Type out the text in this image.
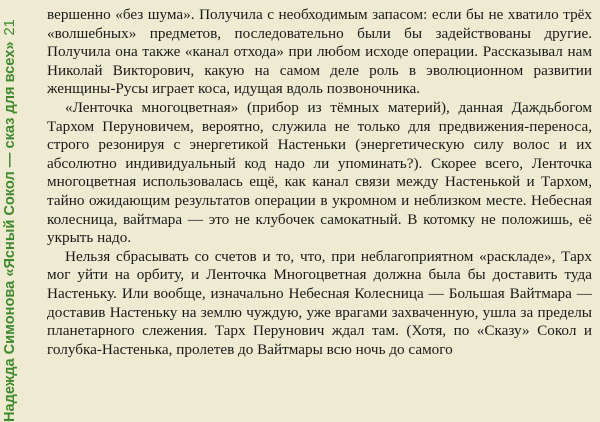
Надежда Симонова «Ясный Сокол — сказ для всех»21

вершенно «без шума». Получила с необходимым запасом: если бы не хватило трёх «волшебных» предметов, последовательно были бы задействованы другие. Получила она также «канал отхода» при любом исходе операции. Рассказывал нам Николай Викторович, какую на самом деле роль в эволюционном развитии женщины-Русы играет коса, идущая вдоль позвоночника.

«Ленточка многоцветная» (прибор из тёмных материй), данная Даждьбогом Тархом Перуновичем, вероятно, служила не только для предвижения-переноса, строго резонируя с энергетикой Настеньки (энергетическую силу волос и их абсолютно индивидуальный код надо ли упоминать?). Скорее всего, Ленточка многоцветная использовалась ещё, как канал связи между Настенькой и Тархом, тайно ожидающим результатов операции в укромном и неблизком месте. Небесная колесница, вайтмара — это не клубочек самокатный. В котомку не положишь, её укрыть надо.

Нельзя сбрасывать со счетов и то, что, при неблагоприятном «раскладе», Тарх мог уйти на орбиту, и Ленточка Многоцветная должна была бы доставить туда Настеньку. Или вообще, изначально Небесная Колесница — Большая Вайтмара — доставив Настеньку на землю чуждую, уже врагами захваченную, ушла за пределы планетарного слежения. Тарх Перунович ждал там. (Хотя, по «Сказу» Сокол и голубка-Настенька, пролетев до Вайтмары всю ночь до самого
